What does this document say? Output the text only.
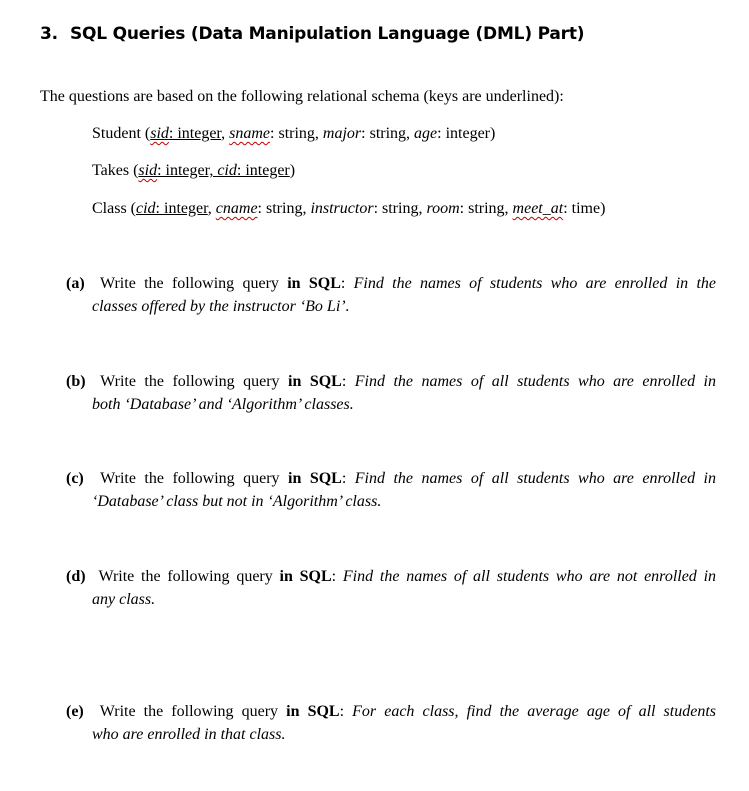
3. SQL Queries (Data Manipulation Language (DML) Part)
The questions are based on the following relational schema (keys are underlined):
Student (sid: integer, sname: string, major: string, age: integer)
Takes (sid: integer, cid: integer)
Class (cid: integer, cname: string, instructor: string, room: string, meet_at: time)
(a) Write the following query in SQL: Find the names of students who are enrolled in the
classes offered by the instructor ‘Bo Li’.
(b) Write the following query in SQL: Find the names of all students who are enrolled in
both ‘Database’ and ‘Algorithm’ classes.
(c) Write the following query in SQL: Find the names of all students who are enrolled in
‘Database’ class but not in ‘Algorithm’ class.
(d) Write the following query in SQL: Find the names of all students who are not enrolled in
any class.
(e) Write the following query in SQL: For each class, find the average age of all students
who are enrolled in that class.
